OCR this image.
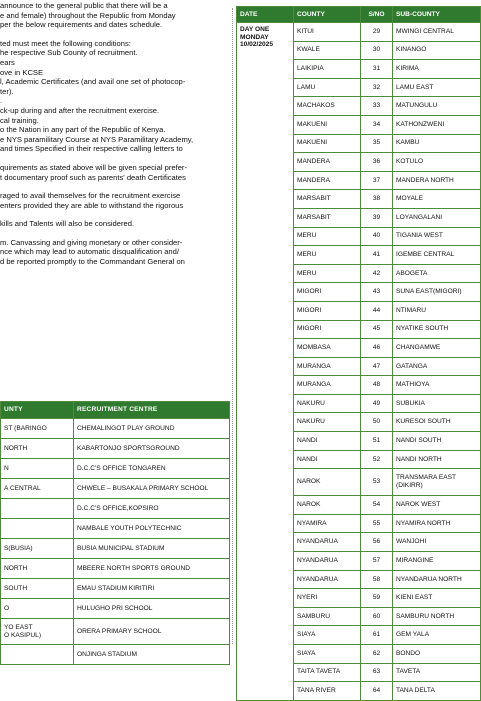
announce to the general public that there will be a

e and female) throughout the Republic from Monday

per the below requirements and dates schedule.

ted must meet the following conditions:

he respective Sub County of recruitment.

ears

ove in KCSE

l, Academic Certificates (and avail one set of photocop-

ter).

.

ck-up during and after the recruitment exercise.

cal training.

o the Nation in any part of the Republic of Kenya.

e NYS paramilitary Course at NYS Paramilitary Academy,

and times Specified in their respective calling letters to

quirements as stated above will be given special prefer-

t documentary proof such as parents' death Certificates

raged to avail themselves for the recruitment exercise

enters provided they are able to withstand the rigorous

kills and Talents will also be considered.

m. Canvassing and giving monetary or other consider-

nce which may lead to automatic disqualification and/

d be reported promptly to the Commandant General on

UNTY	RECRUITMENT CENTRE
ST (BARINGO	CHEMALINGOT PLAY GROUND
NORTH	KABARTONJO SPORTSGROUND
N	D.C.C'S OFFICE TONGAREN
A CENTRAL	CHWELE – BUSAKALA PRIMARY SCHOOL
	D.C.C'S OFFICE,KOPSIRO
	NAMBALE YOUTH POLYTECHNIC
S(BUSIA)	BUSIA MUNICIPAL STADIUM
NORTH	MBEERE NORTH SPORTS GROUND
SOUTH	EMAU STADIUM KIRITIRI
O	HULUGHO PRI SCHOOL
YO EAST
O KASIPUL)	ORERA PRIMARY SCHOOL
	ONJINGA STADIUM
DATE	COUNTY	S/NO	SUB-COUNTY

DAY ONE
MONDAY
10/02/2025	KITUI	29	MWINGI CENTRAL
	KWALE	30	KINANGO
	LAIKIPIA	31	KIRIMA
	LAMU	32	LAMU EAST
	MACHAKOS	33	MATUNGULU
	MAKUENI	34	KATHONZWENI
	MAKUENI	35	KAMBU
	MANDERA	36	KOTULO
	MANDERA	37	MANDERA NORTH
	MARSABIT	38	MOYALE
	MARSABIT	39	LOYANGALANI
	MERU	40	TIGANIA WEST
	MERU	41	IGEMBE CENTRAL
	MERU	42	ABOGETA
	MIGORI	43	SUNA EAST(MIGORI)
	MIGORI	44	NTIMARU
	MIGORI	45	NYATIKE SOUTH
	MOMBASA	46	CHANGAMWE
	MURANGA	47	GATANGA
	MURANGA	48	MATHIOYA
	NAKURU	49	SUBUKIA
	NAKURU	50	KURESOI SOUTH
	NANDI	51	NANDI SOUTH
	NANDI	52	NANDI NORTH
	NAROK	53	TRANSMARA EAST (DIKIRR)
	NAROK	54	NAROK WEST
	NYAMIRA	55	NYAMIRA NORTH
	NYANDARUA	56	WANJOHI
	NYANDARUA	57	MIRANGINE
	NYANDARUA	58	NYANDARUA NORTH
	NYERI	59	KIENI EAST
	SAMBURU	60	SAMBURU NORTH
	SIAYA	61	GEM YALA
	SIAYA	62	BONDO
	TAITA TAVETA	63	TAVETA
	TANA RIVER	64	TANA DELTA
